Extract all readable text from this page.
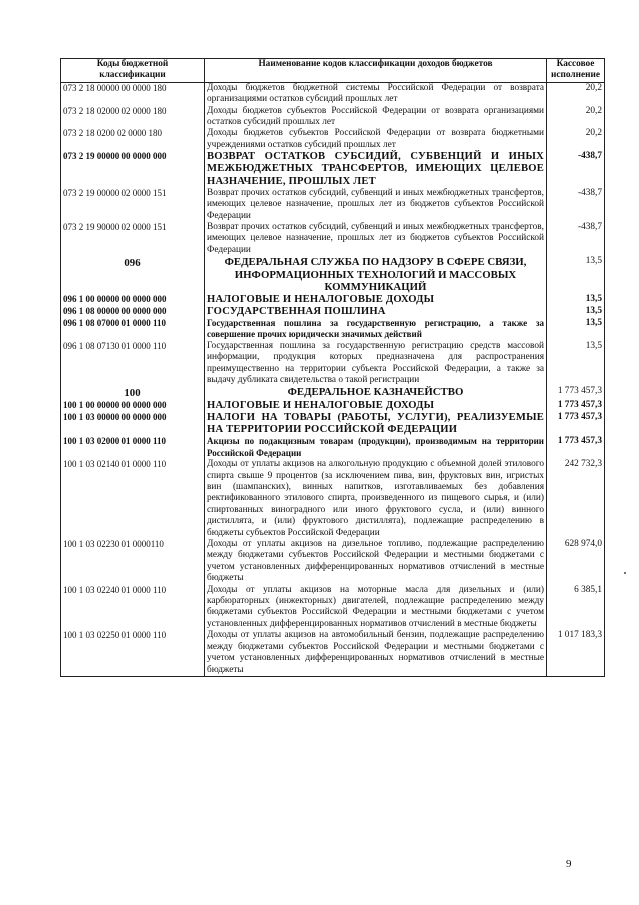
Коды бюджетной классификации	Наименование кодов классификации доходов бюджетов	Кассовое исполнение
073 2 18 00000 00 0000 180	Доходы бюджетов бюджетной системы Российской Федерации от возврата организациями остатков субсидий прошлых лет	20,2
073 2 18 02000 02 0000 180	Доходы бюджетов субъектов Российской Федерации от возврата организациями остатков субсидий прошлых лет	20,2
073 2 18 0200 02 0000 180	Доходы бюджетов субъектов Российской Федерации от возврата бюджетными учреждениями остатков субсидий прошлых лет	20,2
073 2 19 00000 00 0000 000	ВОЗВРАТ ОСТАТКОВ СУБСИДИЙ, СУБВЕНЦИЙ И ИНЫХ МЕЖБЮДЖЕТНЫХ ТРАНСФЕРТОВ, ИМЕЮЩИХ ЦЕЛЕВОЕ НАЗНАЧЕНИЕ, ПРОШЛЫХ ЛЕТ	-438,7
073 2 19 00000 02 0000 151	Возврат прочих остатков субсидий, субвенций и иных межбюджетных трансфертов, имеющих целевое назначение, прошлых лет из бюджетов субъектов Российской Федерации	-438,7
073 2 19 90000 02 0000 151	Возврат прочих остатков субсидий, субвенций и иных межбюджетных трансфертов, имеющих целевое назначение, прошлых лет из бюджетов субъектов Российской Федерации	-438,7
096	ФЕДЕРАЛЬНАЯ СЛУЖБА ПО НАДЗОРУ В СФЕРЕ СВЯЗИ, ИНФОРМАЦИОННЫХ ТЕХНОЛОГИЙ И МАССОВЫХ КОММУНИКАЦИЙ	13,5
096 1 00 00000 00 0000 000	НАЛОГОВЫЕ И НЕНАЛОГОВЫЕ ДОХОДЫ	13,5
096 1 08 00000 00 0000 000	ГОСУДАРСТВЕННАЯ ПОШЛИНА	13,5
096 1 08 07000 01 0000 110	Государственная пошлина за государственную регистрацию, а также за совершение прочих юридически значимых действий	13,5
096 1 08 07130 01 0000 110	Государственная пошлина за государственную регистрацию средств массовой информации, продукция которых предназначена для распространения преимущественно на территории субъекта Российской Федерации, а также за выдачу дубликата свидетельства о такой регистрации	13,5
100	ФЕДЕРАЛЬНОЕ КАЗНАЧЕЙСТВО	1 773 457,3
100 1 00 00000 00 0000 000	НАЛОГОВЫЕ И НЕНАЛОГОВЫЕ ДОХОДЫ	1 773 457,3
100 1 03 00000 00 0000 000	НАЛОГИ НА ТОВАРЫ (РАБОТЫ, УСЛУГИ), РЕАЛИЗУЕМЫЕ НА ТЕРРИТОРИИ РОССИЙСКОЙ ФЕДЕРАЦИИ	1 773 457,3
100 1 03 02000 01 0000 110	Акцизы по подакцизным товарам (продукции), производимым на территории Российской Федерации	1 773 457,3
100 1 03 02140 01 0000 110	Доходы от уплаты акцизов на алкогольную продукцию с объемной долей этилового спирта свыше 9 процентов (за исключением пива, вин, фруктовых вин, игристых вин (шампанских), винных напитков, изготавливаемых без добавления ректификованного этилового спирта, произведенного из пищевого сырья, и (или) спиртованных виноградного или иного фруктового сусла, и (или) винного дистиллята, и (или) фруктового дистиллята), подлежащие распределению в бюджеты субъектов Российской Федерации	242 732,3
100 1 03 02230 01 0000110	Доходы от уплаты акцизов на дизельное топливо, подлежащие распределению между бюджетами субъектов Российской Федерации и местными бюджетами с учетом установленных дифференцированных нормативов отчислений в местные бюджеты	628 974,0
100 1 03 02240 01 0000 110	Доходы от уплаты акцизов на моторные масла для дизельных и (или) карбюраторных (инжекторных) двигателей, подлежащие распределению между бюджетами субъектов Российской Федерации и местными бюджетами с учетом установленных дифференцированных нормативов отчислений в местные бюджеты	6 385,1
100 1 03 02250 01 0000 110	Доходы от уплаты акцизов на автомобильный бензин, подлежащие распределению между бюджетами субъектов Российской Федерации и местными бюджетами с учетом установленных дифференцированных нормативов отчислений в местные бюджеты	1 017 183,3
9
